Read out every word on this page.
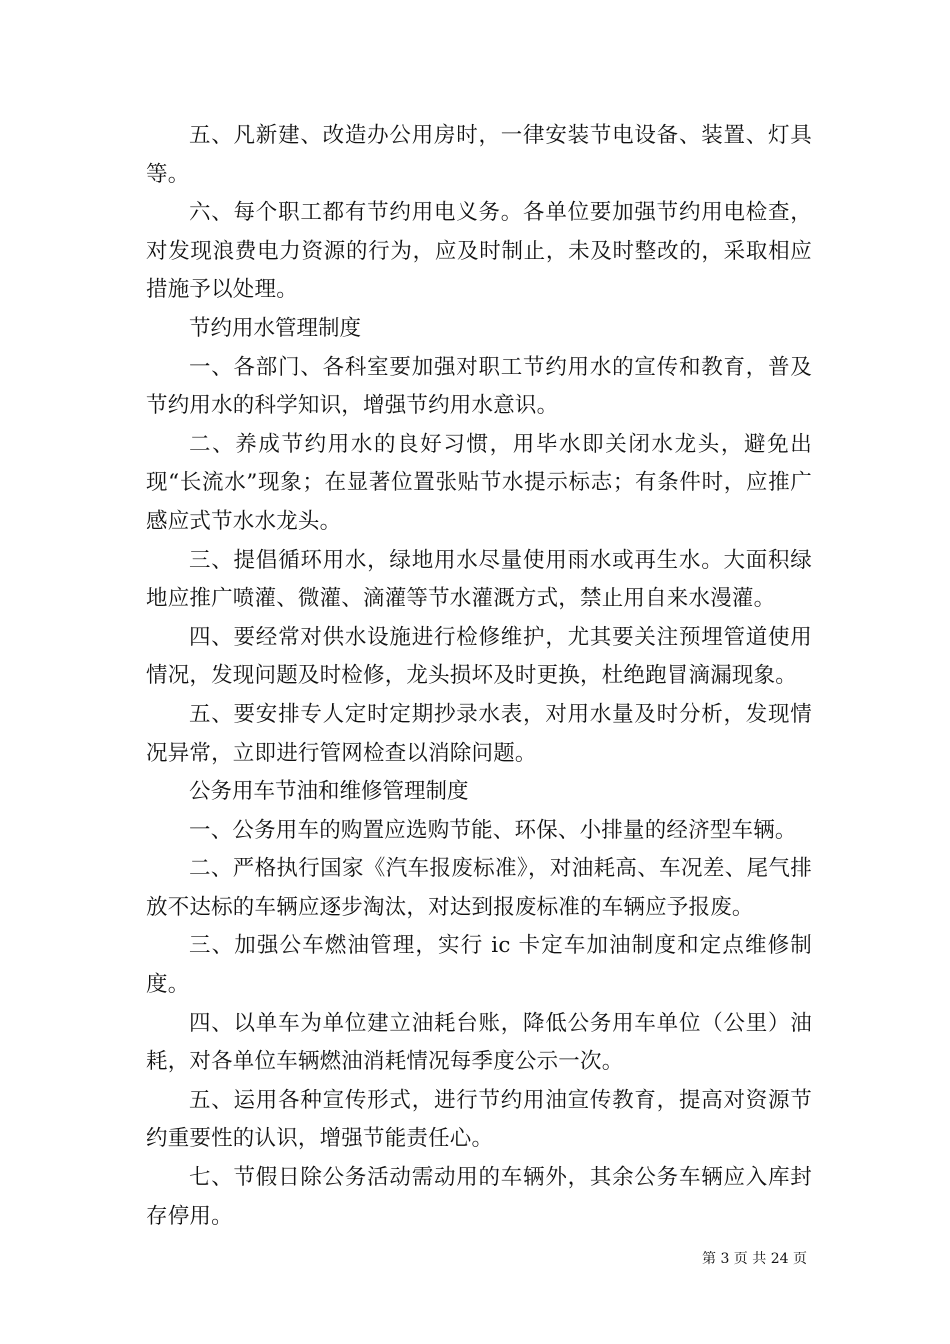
五、凡新建、改造办公用房时，一律安装节电设备、装置、灯具等。

六、每个职工都有节约用电义务。各单位要加强节约用电检查，对发现浪费电力资源的行为，应及时制止，未及时整改的，采取相应措施予以处理。

节约用水管理制度

一、各部门、各科室要加强对职工节约用水的宣传和教育，普及节约用水的科学知识，增强节约用水意识。

二、养成节约用水的良好习惯，用毕水即关闭水龙头，避免出现“长流水”现象；在显著位置张贴节水提示标志；有条件时，应推广感应式节水水龙头。

三、提倡循环用水，绿地用水尽量使用雨水或再生水。大面积绿地应推广喷灌、微灌、滴灌等节水灌溉方式，禁止用自来水漫灌。

四、要经常对供水设施进行检修维护，尤其要关注预埋管道使用情况，发现问题及时检修，龙头损坏及时更换，杜绝跑冒滴漏现象。

五、要安排专人定时定期抄录水表，对用水量及时分析，发现情况异常，立即进行管网检查以消除问题。

公务用车节油和维修管理制度

一、公务用车的购置应选购节能、环保、小排量的经济型车辆。

二、严格执行国家《汽车报废标准》，对油耗高、车况差、尾气排放不达标的车辆应逐步淘汰，对达到报废标准的车辆应予报废。

三、加强公车燃油管理，实行 ic 卡定车加油制度和定点维修制度。

四、以单车为单位建立油耗台账，降低公务用车单位（公里）油耗，对各单位车辆燃油消耗情况每季度公示一次。

五、运用各种宣传形式，进行节约用油宣传教育，提高对资源节约重要性的认识，增强节能责任心。

七、节假日除公务活动需动用的车辆外，其余公务车辆应入库封存停用。

第 3 页 共 24 页
